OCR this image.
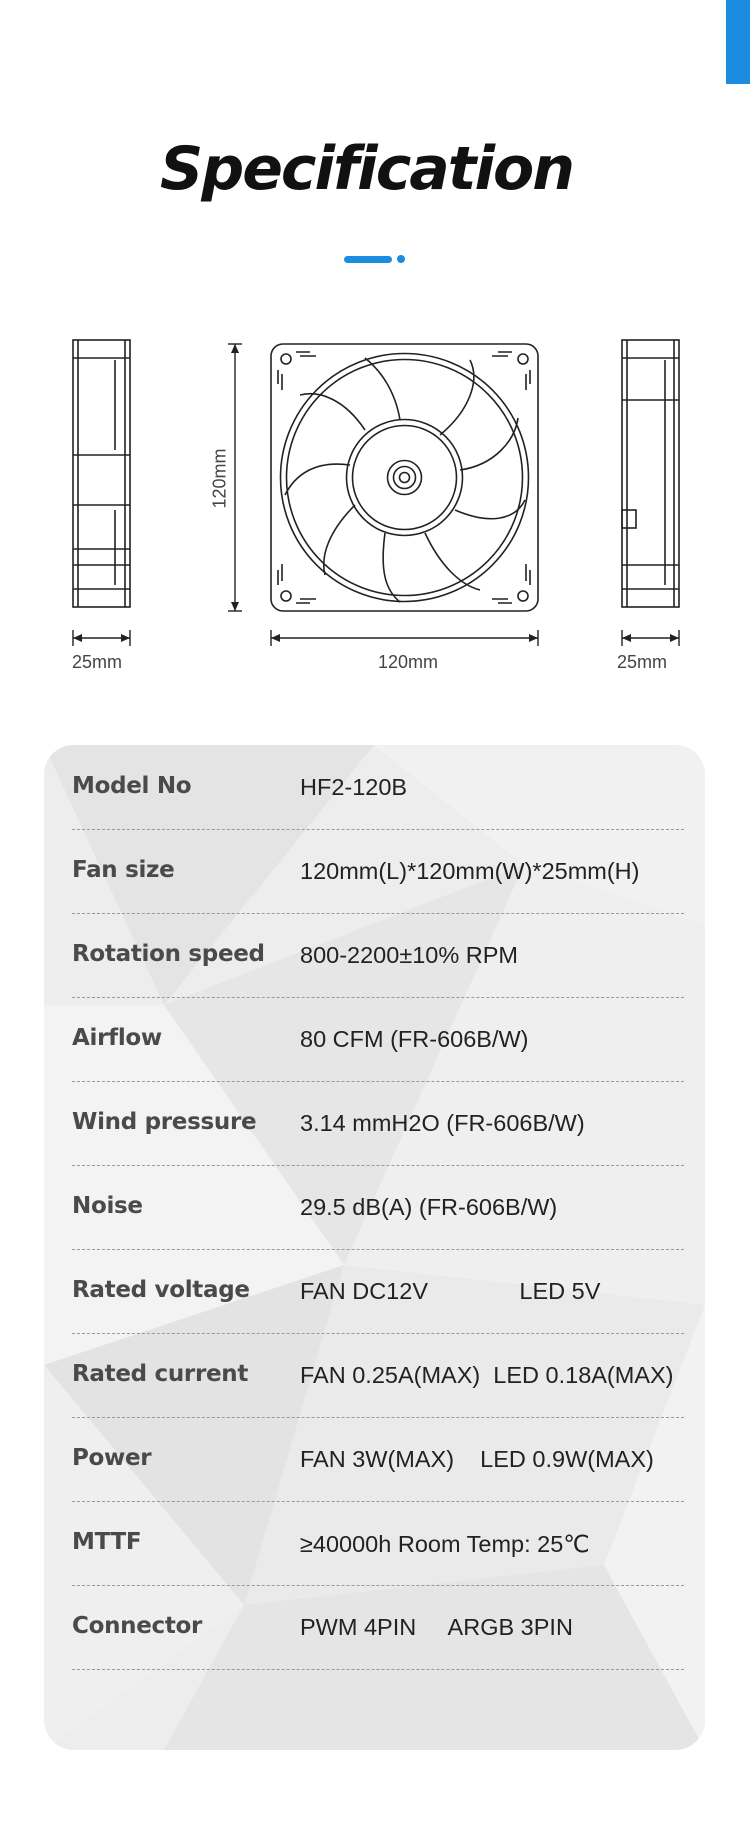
Specification
25mm	120mm	25mm
120mm
Model No	HF2-120B
Fan size	120mm(L)*120mm(W)*25mm(H)
Rotation speed 800-2200±10% RPM
Airflow	80 CFM (FR-606B/W)
Wind pressure 3.14 mmH2O (FR-606B/W)
Noise	29.5 dB(A) (FR-606B/W)
Rated voltage FAN DC12V              LED 5V
Rated current FAN 0.25A(MAX)  LED 0.18A(MAX)
Power	FAN 3W(MAX)    LED 0.9W(MAX)
MTTF	≥40000h Room Temp: 25℃
Connector	PWM 4PIN     ARGB 3PIN
